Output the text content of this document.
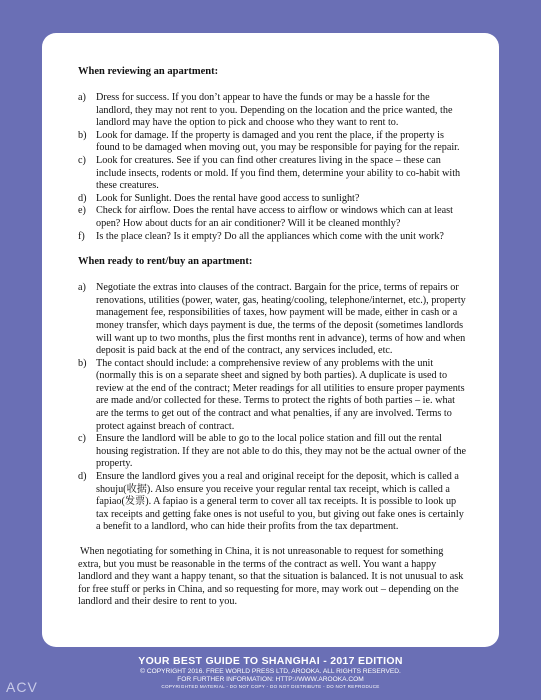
When reviewing an apartment:
a) Dress for success. If you don’t appear to have the funds or may be a hassle for the landlord, they may not rent to you. Depending on the location and the price wanted, the landlord may have the option to pick and choose who they want to rent to.
b) Look for damage. If the property is damaged and you rent the place, if the property is found to be damaged when moving out, you may be responsible for paying for the repair.
c) Look for creatures. See if you can find other creatures living in the space – these can include insects, rodents or mold. If you find them, determine your ability to co-habit with these creatures.
d) Look for Sunlight. Does the rental have good access to sunlight?
e) Check for airflow. Does the rental have access to airflow or windows which can at least open? How about ducts for an air conditioner? Will it be cleaned monthly?
f) Is the place clean? Is it empty? Do all the appliances which come with the unit work?
When ready to rent/buy an apartment:
a) Negotiate the extras into clauses of the contract. Bargain for the price, terms of repairs or renovations, utilities (power, water, gas, heating/cooling, telephone/internet, etc.), property management fee, responsibilities of taxes, how payment will be made, either in cash or a money transfer, which days payment is due, the terms of the deposit (sometimes landlords will want up to two months, plus the first months rent in advance), terms of how and when deposit is paid back at the end of the contract, any services included, etc.
b) The contact should include: a comprehensive review of any problems with the unit (normally this is on a separate sheet and signed by both parties). A duplicate is used to review at the end of the contract; Meter readings for all utilities to ensure proper payments are made and/or collected for these. Terms to protect the rights of both parties – ie. what are the terms to get out of the contract and what penalties, if any are involved. Terms to protect against breach of contract.
c) Ensure the landlord will be able to go to the local police station and fill out the rental housing registration. If they are not able to do this, they may not be the actual owner of the property.
d) Ensure the landlord gives you a real and original receipt for the deposit, which is called a shouju(收据). Also ensure you receive your regular rental tax receipt, which is called a fapiao(发票). A fapiao is a general term to cover all tax receipts. It is possible to look up tax receipts and getting fake ones is not useful to you, but giving out fake ones is certainly a benefit to a landlord, who can hide their profits from the tax department.

When negotiating for something in China, it is not unreasonable to request for something extra, but you must be reasonable in the terms of the contract as well. You want a happy landlord and they want a happy tenant, so that the situation is balanced. It is not unusual to ask for free stuff or perks in China, and so requesting for more, may work out – depending on the landlord and their desire to rent to you.

YOUR BEST GUIDE TO SHANGHAI - 2017 EDITION
© COPYRIGHT 2016. FREE WORLD PRESS LTD, AROOKA. ALL RIGHTS RESERVED.
FOR FURTHER INFORMATION: HTTP://WWW.AROOKA.COM
COPYRIGHTED MATERIAL - DO NOT COPY - DO NOT DISTRIBUTE - DO NOT REPRODUCE
ACV
